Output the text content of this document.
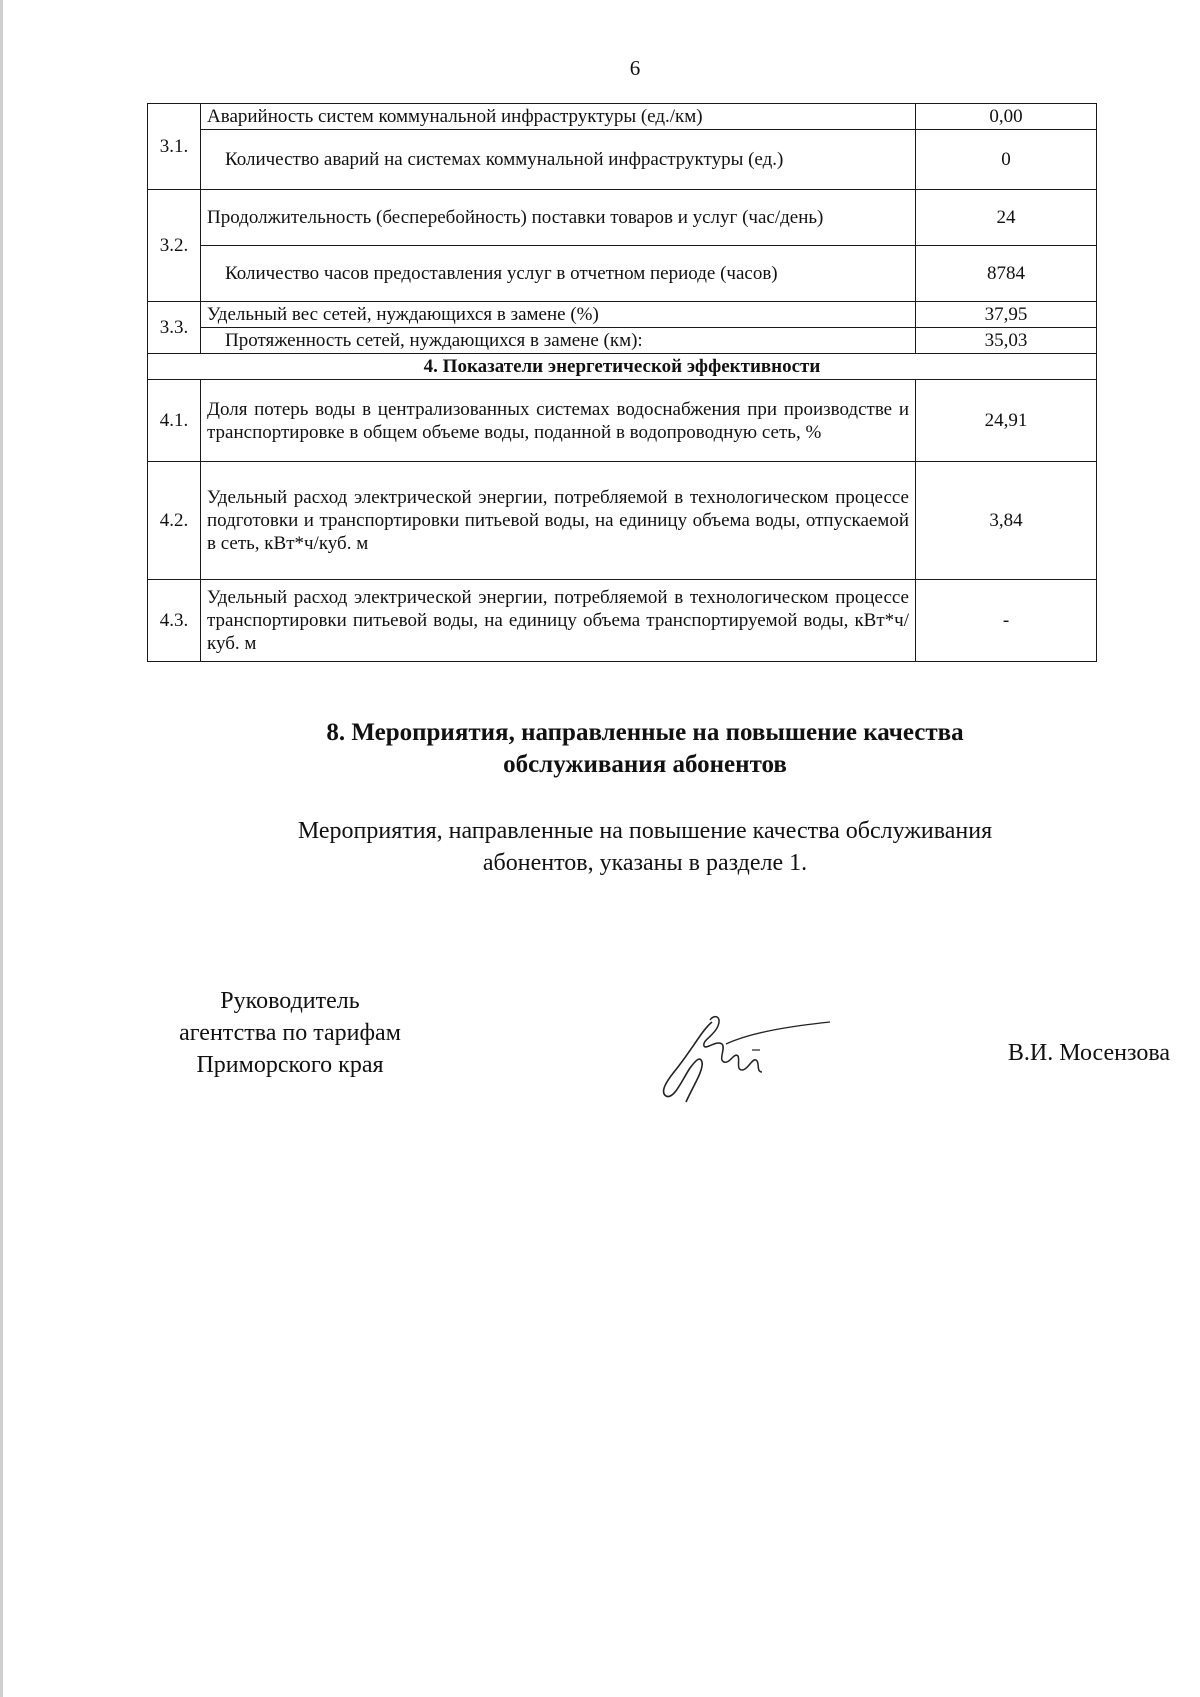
6
3.1.	Аварийность систем коммунальной инфраструктуры (ед./км)	0,00
	Количество аварий на системах коммунальной инфраструктуры (ед.)	0
3.2.	Продолжительность (бесперебойность) поставки товаров и услуг (час/день)	24
	Количество часов предоставления услуг в отчетном периоде (часов)	8784
3.3.	Удельный вес сетей, нуждающихся в замене (%)	37,95
	Протяженность сетей, нуждающихся в замене (км):	35,03
4. Показатели энергетической эффективности		
4.1.	Доля потерь воды в централизованных системах водоснабжения при производстве и транспортировке в общем объеме воды, поданной в водопроводную сеть, %	24,91
4.2.	Удельный расход электрической энергии, потребляемой в технологическом процессе подготовки и транспортировки питьевой воды, на единицу объема воды, отпускаемой в сеть, кВт*ч/куб. м	3,84
4.3.	Удельный расход электрической энергии, потребляемой в технологическом процессе транспортировки питьевой воды, на единицу объема транспортируемой воды, кВт*ч/куб. м	-
8. Мероприятия, направленные на повышение качества
обслуживания абонентов
Мероприятия, направленные на повышение качества обслуживания
абонентов, указаны в разделе 1.
Руководитель
агентства по тарифам
Приморского края	В.И. Мосензова
